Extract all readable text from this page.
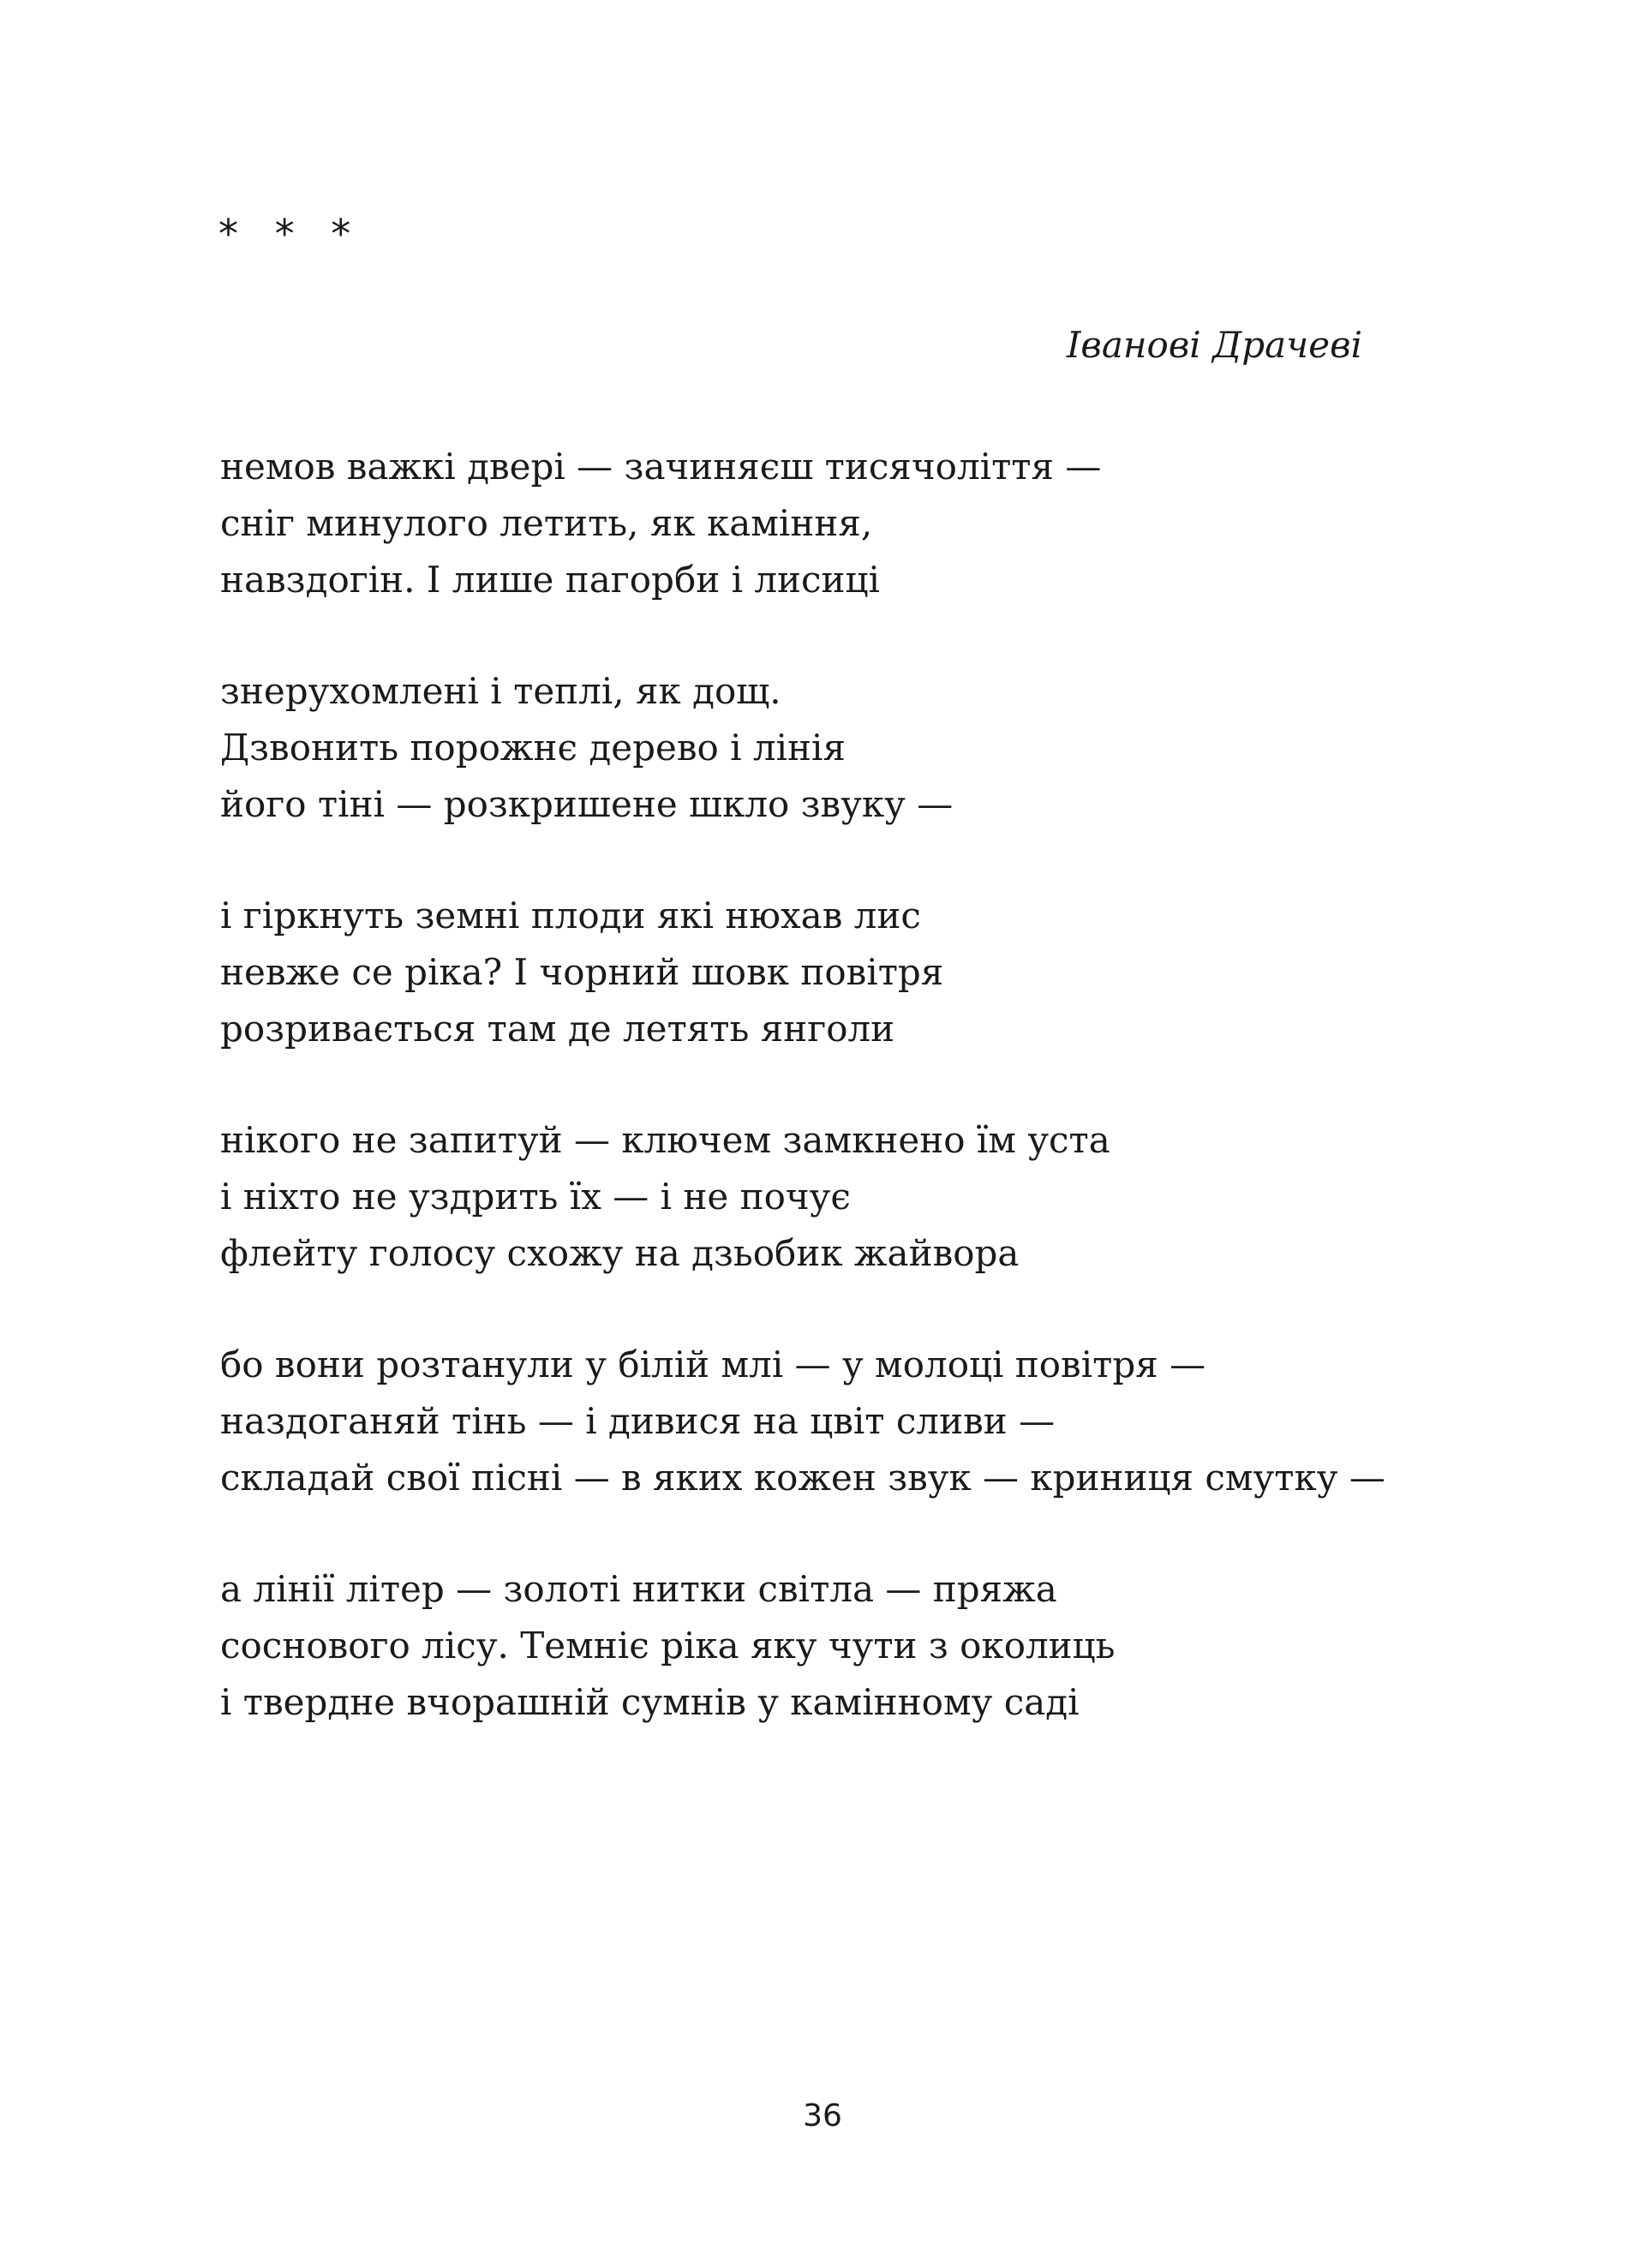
* * *
Івановi Драчевi
немов важкі двері — зачиняєш тисячоліття —
сніг минулого летить, як каміння,
навздогін. І лише пагорби і лисиці
знерухомлені і теплі, як дощ.
Дзвонить порожнє дерево і лінія
його тіні — розкришене шкло звуку —
і гіркнуть земні плоди які нюхав лис
невже се ріка? І чорний шовк повітря
розривається там де летять янголи
нікого не запитуй — ключем замкнено їм уста
і ніхто не уздрить їх — і не почує
флейту голосу схожу на дзьобик жайвора
бо вони розтанули у білій млі — у молоці повітря —
наздоганяй тінь — і дивися на цвіт сливи —
складай свої пісні — в яких кожен звук — криниця смутку —
а лінії літер — золоті нитки світла — пряжа
соснового лісу. Темніє ріка яку чути з околиць
і твердне вчорашній сумнів у камінному саді
36
